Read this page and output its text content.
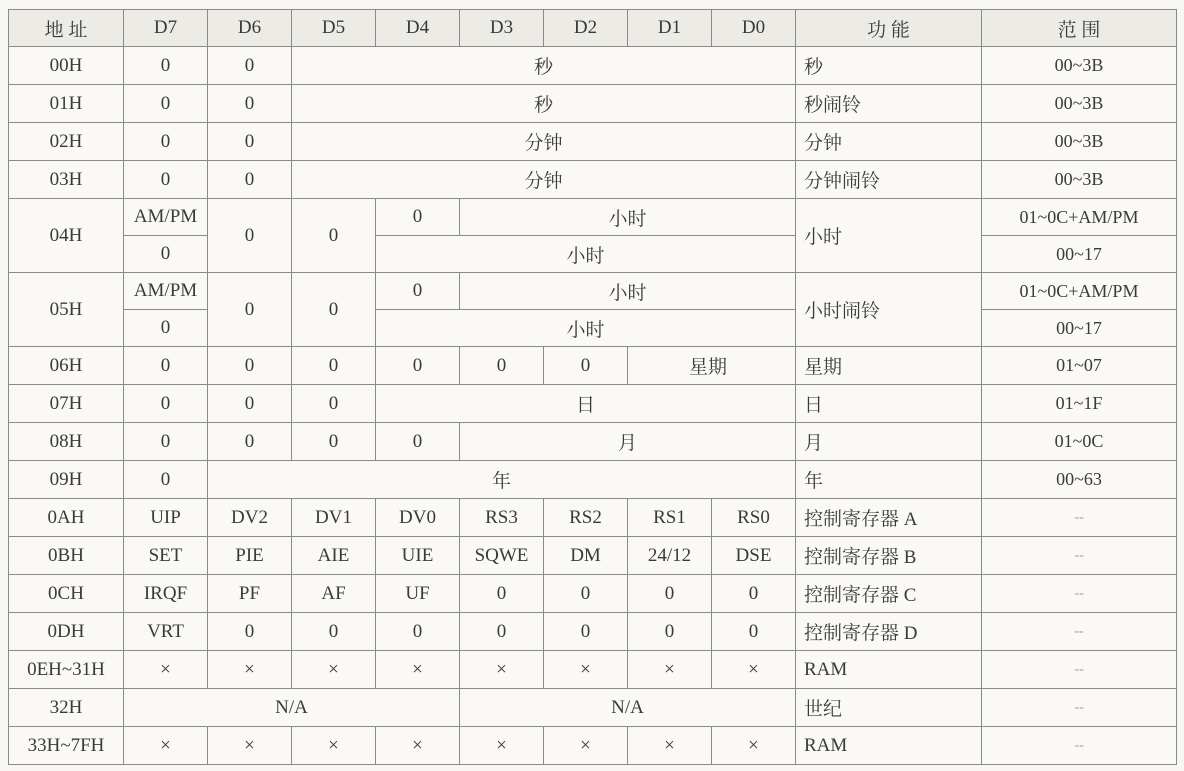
地 址	D7	D6	D5	D4	D3	D2	D1	D0	功 能	范 围
00H	0	0	秒						秒	00~3B
01H	0	0	秒						秒闹铃	00~3B
02H	0	0	分钟						分钟	00~3B
03H	0	0	分钟						分钟闹铃	00~3B
04H	AM/PM	0	0	0	小时				小时	01~0C+AM/PM
	0			小时						00~17
05H	AM/PM	0	0	0	小时				小时闹铃	01~0C+AM/PM
	0			小时						00~17
06H	0	0	0	0	0	0	星期		星期	01~07
07H	0	0	0	日					日	01~1F
08H	0	0	0	0	月				月	01~0C
09H	0	年							年	00~63
0AH	UIP	DV2	DV1	DV0	RS3	RS2	RS1	RS0	控制寄存器 A	--
0BH	SET	PIE	AIE	UIE	SQWE	DM	24/12	DSE	控制寄存器 B	--
0CH	IRQF	PF	AF	UF	0	0	0	0	控制寄存器 C	--
0DH	VRT	0	0	0	0	0	0	0	控制寄存器 D	--
0EH~31H	×	×	×	×	×	×	×	×	RAM	--
32H	N/A				N/A				世纪	--
33H~7FH	×	×	×	×	×	×	×	×	RAM	--
